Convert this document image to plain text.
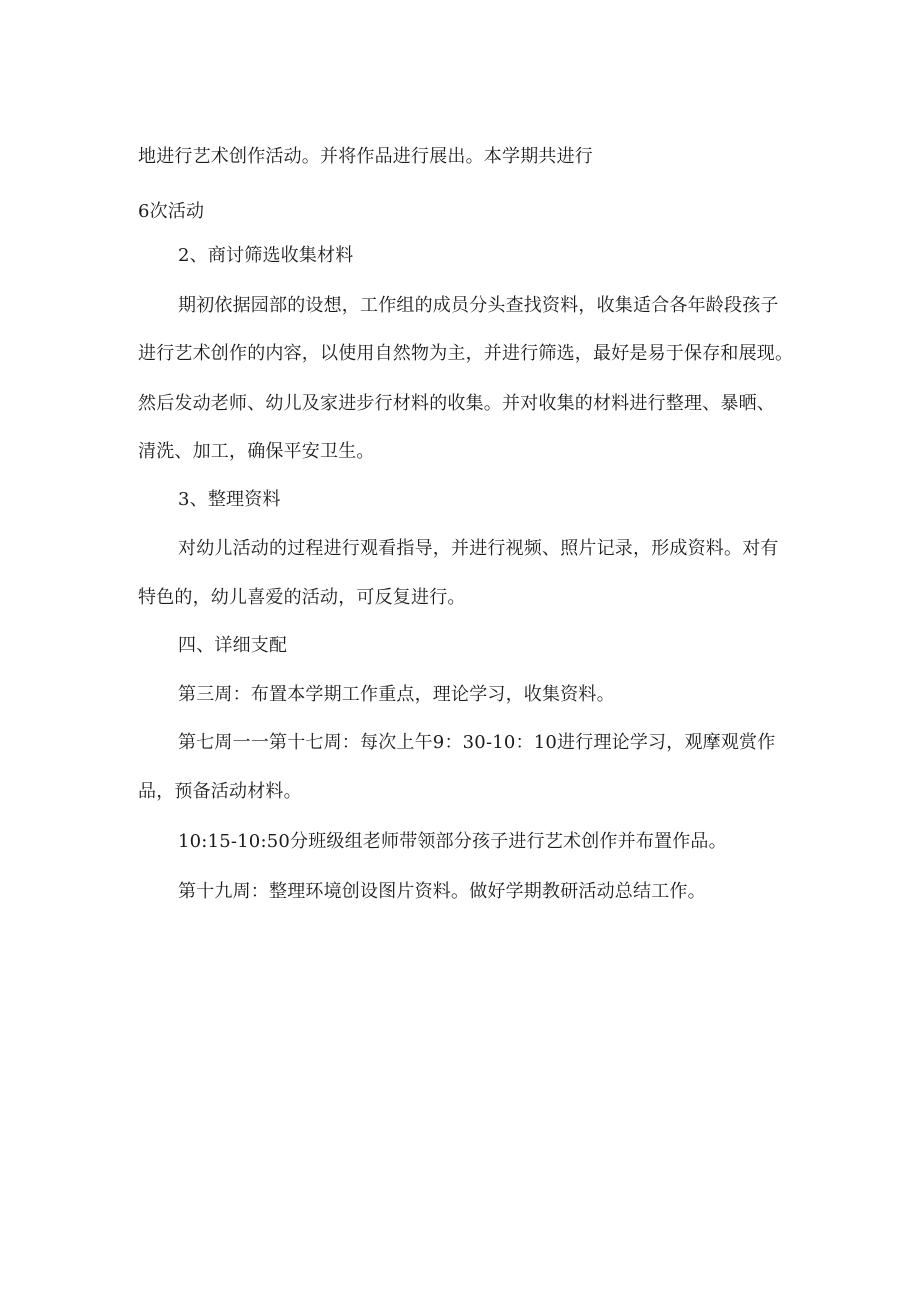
地进行艺术创作活动。并将作品进行展出。本学期共进行
6次活动
2、商讨筛选收集材料
期初依据园部的设想，工作组的成员分头查找资料，收集适合各年龄段孩子
进行艺术创作的内容，以使用自然物为主，并进行筛选，最好是易于保存和展现。
然后发动老师、幼儿及家进步行材料的收集。并对收集的材料进行整理、暴晒、
清洗、加工，确保平安卫生。
3、整理资料
对幼儿活动的过程进行观看指导，并进行视频、照片记录，形成资料。对有
特色的，幼儿喜爱的活动，可反复进行。
四、详细支配
第三周：布置本学期工作重点，理论学习，收集资料。
第七周一一第十七周：每次上午9：30-10：10进行理论学习，观摩观赏作
品，预备活动材料。
10:15-10:50分班级组老师带领部分孩子进行艺术创作并布置作品。
第十九周：整理环境创设图片资料。做好学期教研活动总结工作。
